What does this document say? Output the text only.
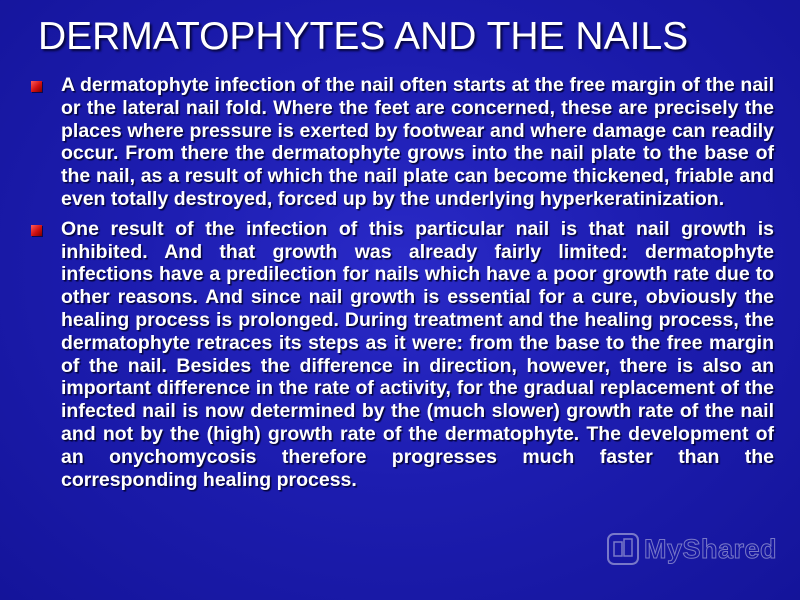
DERMATOPHYTES AND THE NAILS
A dermatophyte infection of the nail often starts at the free margin of the nail or the lateral nail fold. Where the feet are concerned, these are precisely the places where pressure is exerted by footwear and where damage can readily occur. From there the dermatophyte grows into the nail plate to the base of the nail, as a result of which the nail plate can become thickened, friable and even totally destroyed, forced up by the underlying hyperkeratinization.
One result of the infection of this particular nail is that nail growth is inhibited. And that growth was already fairly limited: dermatophyte infections have a predilection for nails which have a poor growth rate due to other reasons. And since nail growth is essential for a cure, obviously the healing process is prolonged. During treatment and the healing process, the dermatophyte retraces its steps as it were: from the base to the free margin of the nail. Besides the difference in direction, however, there is also an important difference in the rate of activity, for the gradual replacement of the infected nail is now determined by the (much slower) growth rate of the nail and not by the (high) growth rate of the dermatophyte. The development of an onychomycosis therefore progresses much faster than the corresponding healing process.
MyShared
